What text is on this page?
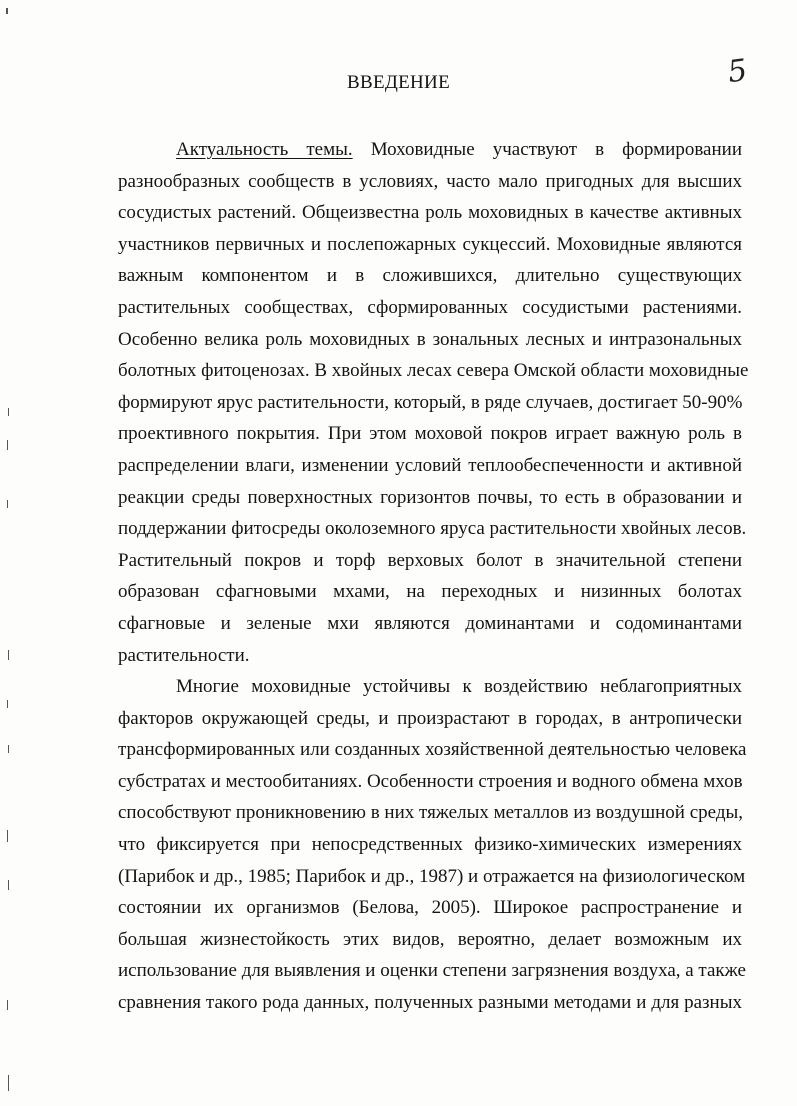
ВВЕДЕНИЕ	5
Актуальность темы. Моховидные участвуют в формировании
разнообразных сообществ в условиях, часто мало пригодных для высших
сосудистых растений. Общеизвестна роль моховидных в качестве активных
участников первичных и послепожарных сукцессий. Моховидные являются
важным компонентом и в сложившихся, длительно существующих
растительных сообществах, сформированных сосудистыми растениями.
Особенно велика роль моховидных в зональных лесных и интразональных
болотных фитоценозах. В хвойных лесах севера Омской области моховидные
формируют ярус растительности, который, в ряде случаев, достигает 50-90%
проективного покрытия. При этом моховой покров играет важную роль в
распределении влаги, изменении условий теплообеспеченности и активной
реакции среды поверхностных горизонтов почвы, то есть в образовании и
поддержании фитосреды околоземного яруса растительности хвойных лесов.
Растительный покров и торф верховых болот в значительной степени
образован сфагновыми мхами, на переходных и низинных болотах
сфагновые и зеленые мхи являются доминантами и содоминантами
растительности.
Многие моховидные устойчивы к воздействию неблагоприятных
факторов окружающей среды, и произрастают в городах, в антропически
трансформированных или созданных хозяйственной деятельностью человека
субстратах и местообитаниях. Особенности строения и водного обмена мхов
способствуют проникновению в них тяжелых металлов из воздушной среды,
что фиксируется при непосредственных физико-химических измерениях
(Парибок и др., 1985; Парибок и др., 1987) и отражается на физиологическом
состоянии их организмов (Белова, 2005). Широкое распространение и
большая жизнестойкость этих видов, вероятно, делает возможным их
использование для выявления и оценки степени загрязнения воздуха, а также
сравнения такого рода данных, полученных разными методами и для разных
